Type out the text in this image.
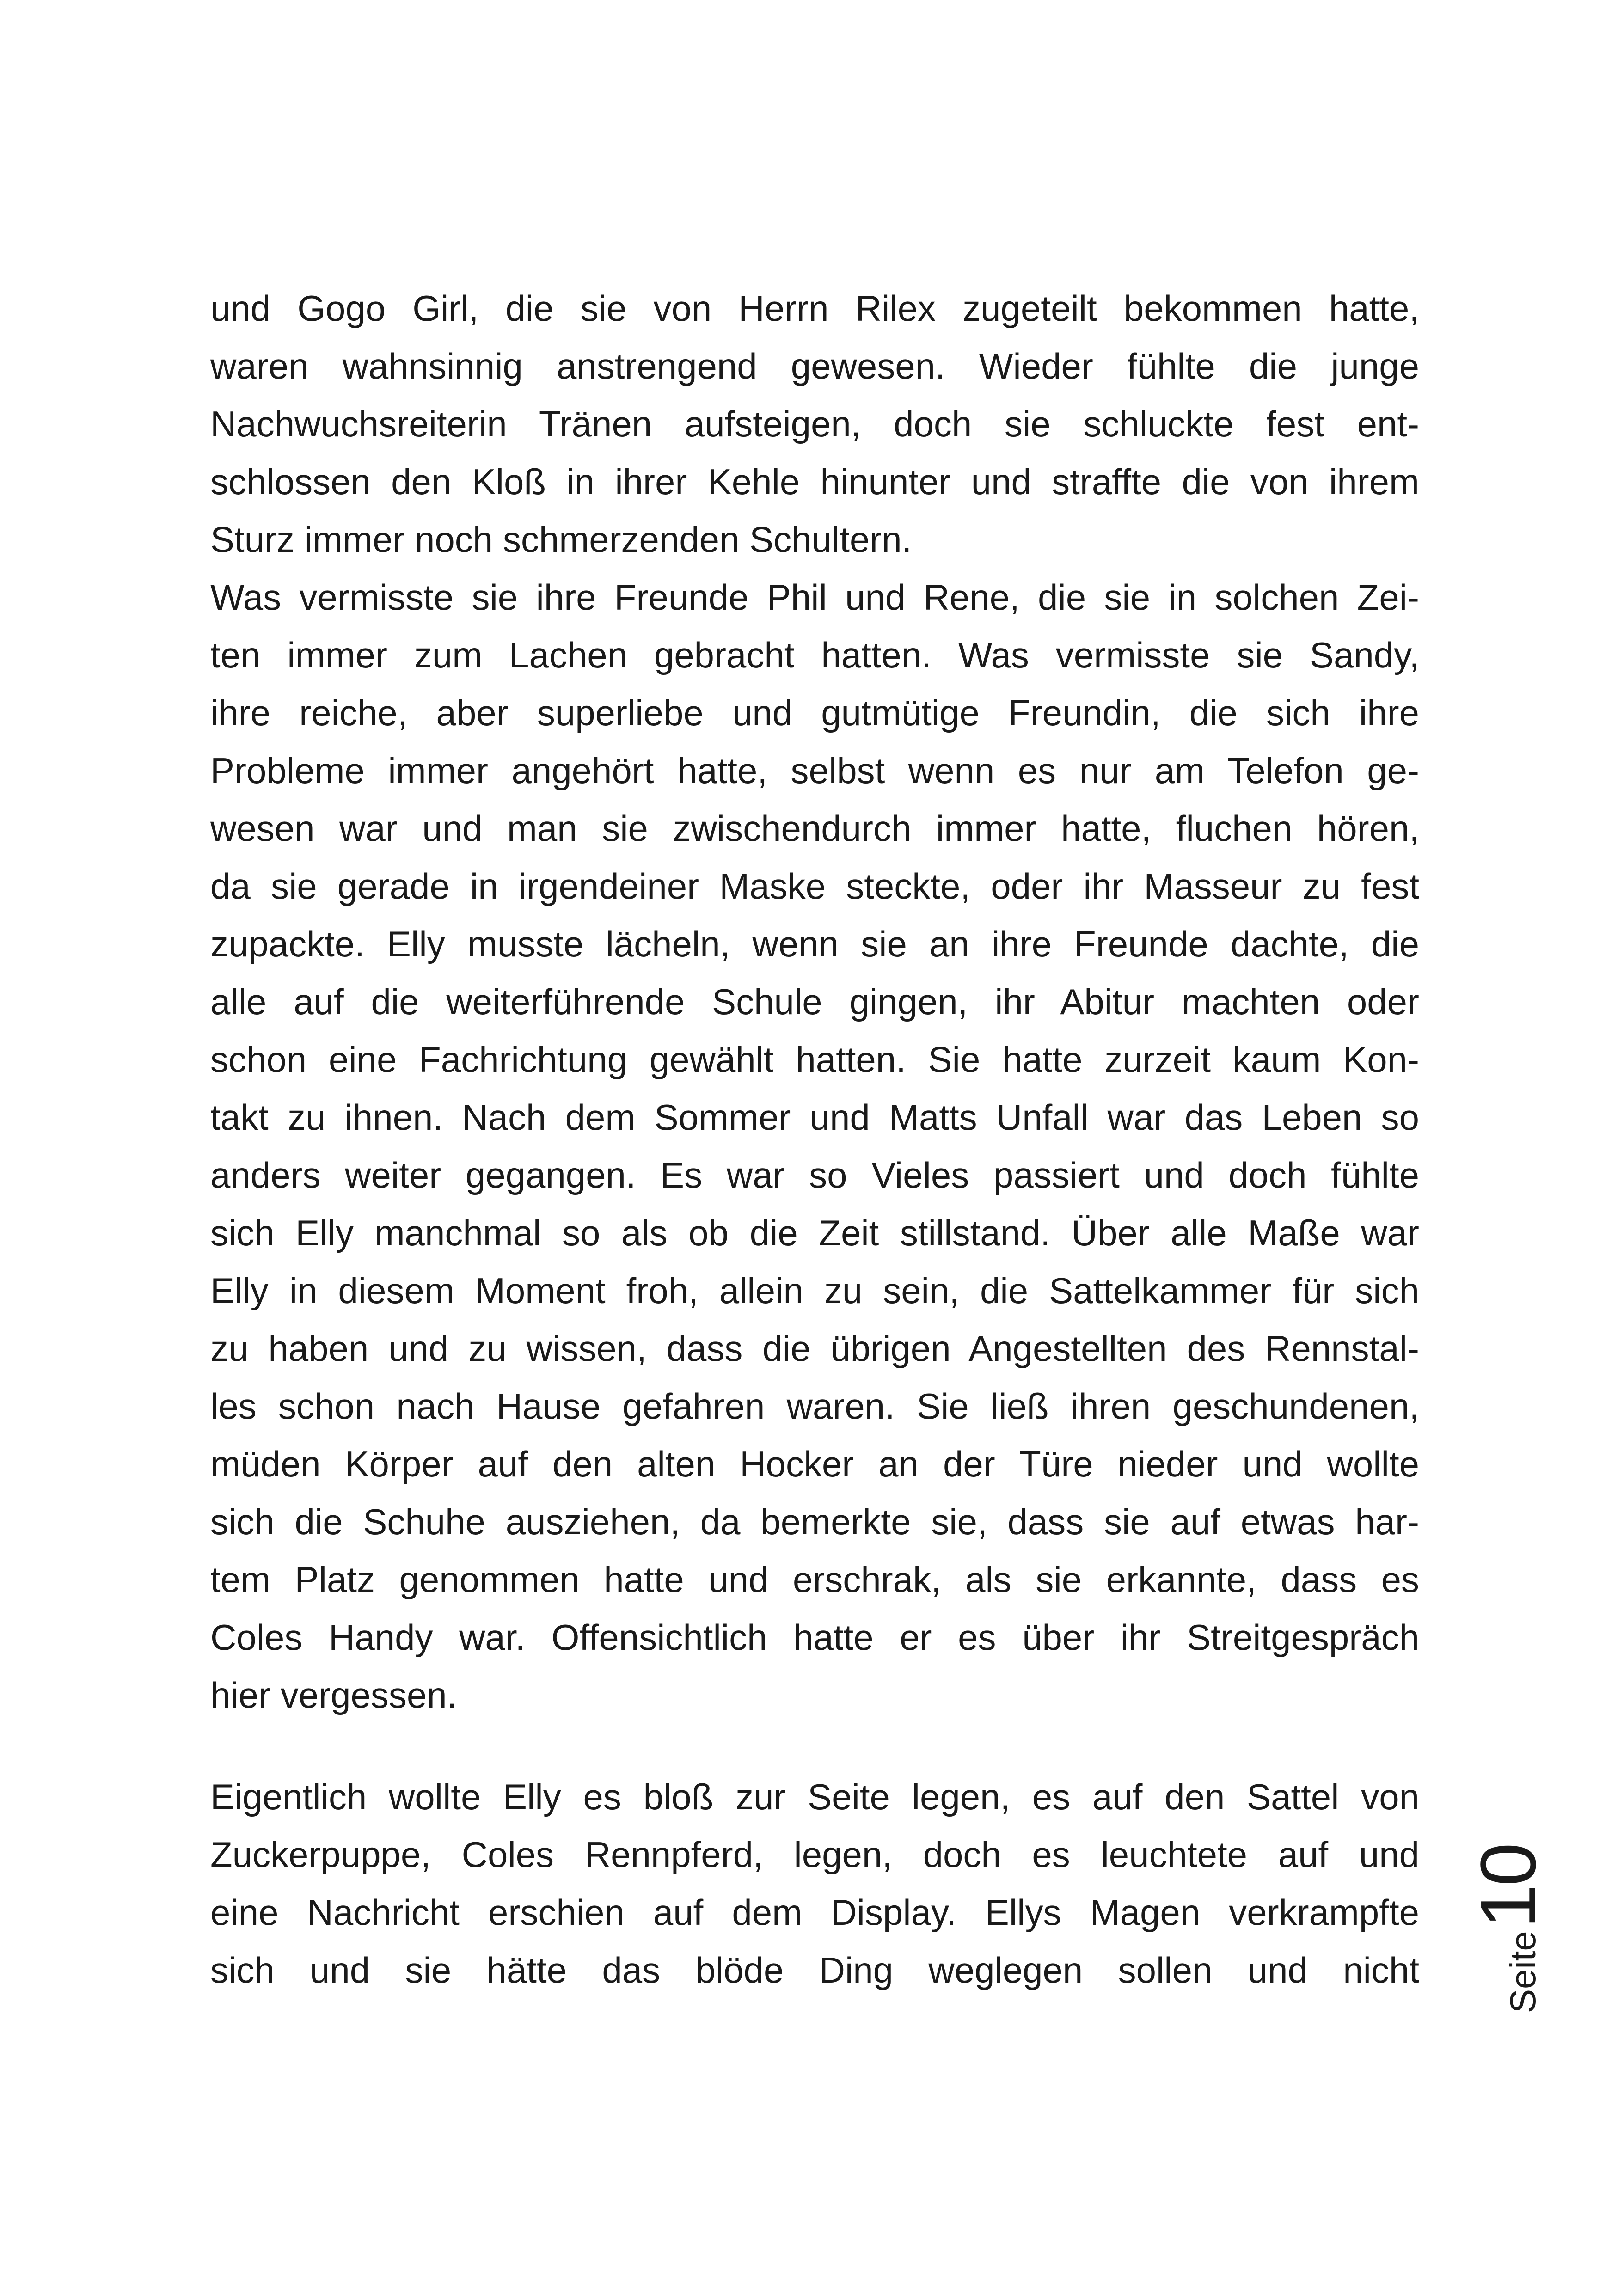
und Gogo Girl, die sie von Herrn Rilex zugeteilt bekommen hatte,
waren wahnsinnig anstrengend gewesen. Wieder fühlte die junge
Nachwuchsreiterin Tränen aufsteigen, doch sie schluckte fest ent-
schlossen den Kloß in ihrer Kehle hinunter und straffte die von ihrem
Sturz immer noch schmerzenden Schultern.
Was vermisste sie ihre Freunde Phil und Rene, die sie in solchen Zei-
ten immer zum Lachen gebracht hatten. Was vermisste sie Sandy,
ihre reiche, aber superliebe und gutmütige Freundin, die sich ihre
Probleme immer angehört hatte, selbst wenn es nur am Telefon ge-
wesen war und man sie zwischendurch immer hatte, fluchen hören,
da sie gerade in irgendeiner Maske steckte, oder ihr Masseur zu fest
zupackte. Elly musste lächeln, wenn sie an ihre Freunde dachte, die
alle auf die weiterführende Schule gingen, ihr Abitur machten oder
schon eine Fachrichtung gewählt hatten. Sie hatte zurzeit kaum Kon-
takt zu ihnen. Nach dem Sommer und Matts Unfall war das Leben so
anders weiter gegangen. Es war so Vieles passiert und doch fühlte
sich Elly manchmal so als ob die Zeit stillstand. Über alle Maße war
Elly in diesem Moment froh, allein zu sein, die Sattelkammer für sich
zu haben und zu wissen, dass die übrigen Angestellten des Rennstal-
les schon nach Hause gefahren waren. Sie ließ ihren geschundenen,
müden Körper auf den alten Hocker an der Türe nieder und wollte
sich die Schuhe ausziehen, da bemerkte sie, dass sie auf etwas har-
tem Platz genommen hatte und erschrak, als sie erkannte, dass es
Coles Handy war. Offensichtlich hatte er es über ihr Streitgespräch
hier vergessen.
Eigentlich wollte Elly es bloß zur Seite legen, es auf den Sattel von
Zuckerpuppe, Coles Rennpferd, legen, doch es leuchtete auf und
eine Nachricht erschien auf dem Display. Ellys Magen verkrampfte
sich und sie hätte das blöde Ding weglegen sollen und nicht	Seite10
